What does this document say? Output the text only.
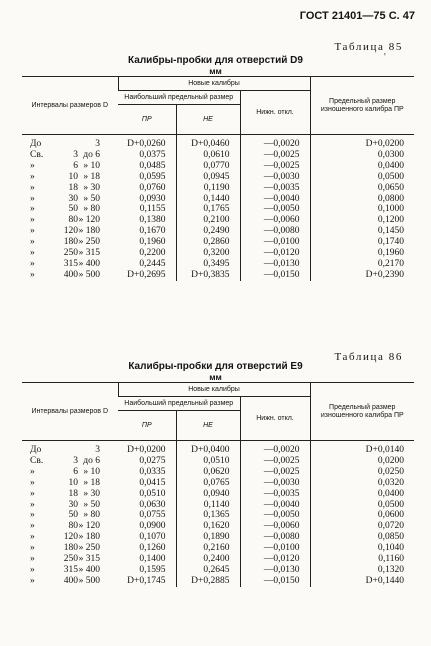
ГОСТ 21401—75 С. 47
Таблица 85
'
Калибры-пробки для отверстий D9
мм
Интервалы размеров D	Новые калибры			Предельный размер изношенного калибра ПР
	Наибольший предельный размер		Нижн. откл.	
	ПР	НЕ		
До 3	D+0,0260	D+0,0460	—0,0020	D+0,0200
Св. 3 до 6	0,0375	0,0610	—0,0025	0,0300
» 6 » 10	0,0485	0,0770	—0,0025	0,0400
» 10 » 18	0,0595	0,0945	—0,0030	0,0500
» 18 » 30	0,0760	0,1190	—0,0035	0,0650
» 30 » 50	0,0930	0,1440	—0,0040	0,0800
» 50 » 80	0,1155	0,1765	—0,0050	0,1000
» 80» 120	0,1380	0,2100	—0,0060	0,1200
» 120» 180	0,1670	0,2490	—0,0080	0,1450
» 180» 250	0,1960	0,2860	—0,0100	0,1740
» 250» 315	0,2200	0,3200	—0,0120	0,1960
» 315» 400	0,2445	0,3495	—0,0130	0,2170
» 400» 500	D+0,2695	D+0,3835	—0,0150	D+0,2390
Таблица 86
Калибры-пробки для отверстий E9
мм
Интервалы размеров D	Новые калибры			Предельный размер изношенного калибра ПР
	Наибольший предельный размер		Нижн. откл.	
	ПР	НЕ		
До 3	D+0,0200	D+0,0400	—0,0020	D+0,0140
Св. 3 до 6	0,0275	0,0510	—0,0025	0,0200
» 6 » 10	0,0335	0,0620	—0,0025	0,0250
» 10 » 18	0,0415	0,0765	—0,0030	0,0320
» 18 » 30	0,0510	0,0940	—0,0035	0,0400
» 30 » 50	0,0630	0,1140	—0,0040	0,0500
» 50 » 80	0,0755	0,1365	—0,0050	0,0600
» 80» 120	0,0900	0,1620	—0,0060	0,0720
» 120» 180	0,1070	0,1890	—0,0080	0,0850
» 180» 250	0,1260	0,2160	—0,0100	0,1040
» 250» 315	0,1400	0,2400	—0,0120	0,1160
» 315» 400	0,1595	0,2645	—0,0130	0,1320
» 400» 500	D+0,1745	D+0,2885	—0,0150	D+0,1440
